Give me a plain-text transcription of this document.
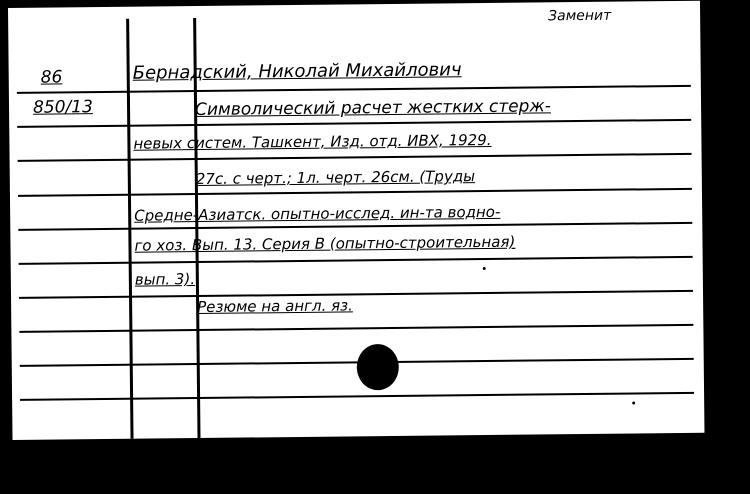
Заменит
86
850/13
Бернадский, Николай Михайлович
Символический расчет жестких стерж-
невых систем. Ташкент, Изд. отд. ИВХ, 1929.
27с. с черт.; 1л. черт. 26см. (Труды
Средне-Азиатск. опытно-исслед. ин-та водно-
го хоз. Вып. 13. Серия В (опытно-строительная)
вып. 3).
Резюме на англ. яз.
